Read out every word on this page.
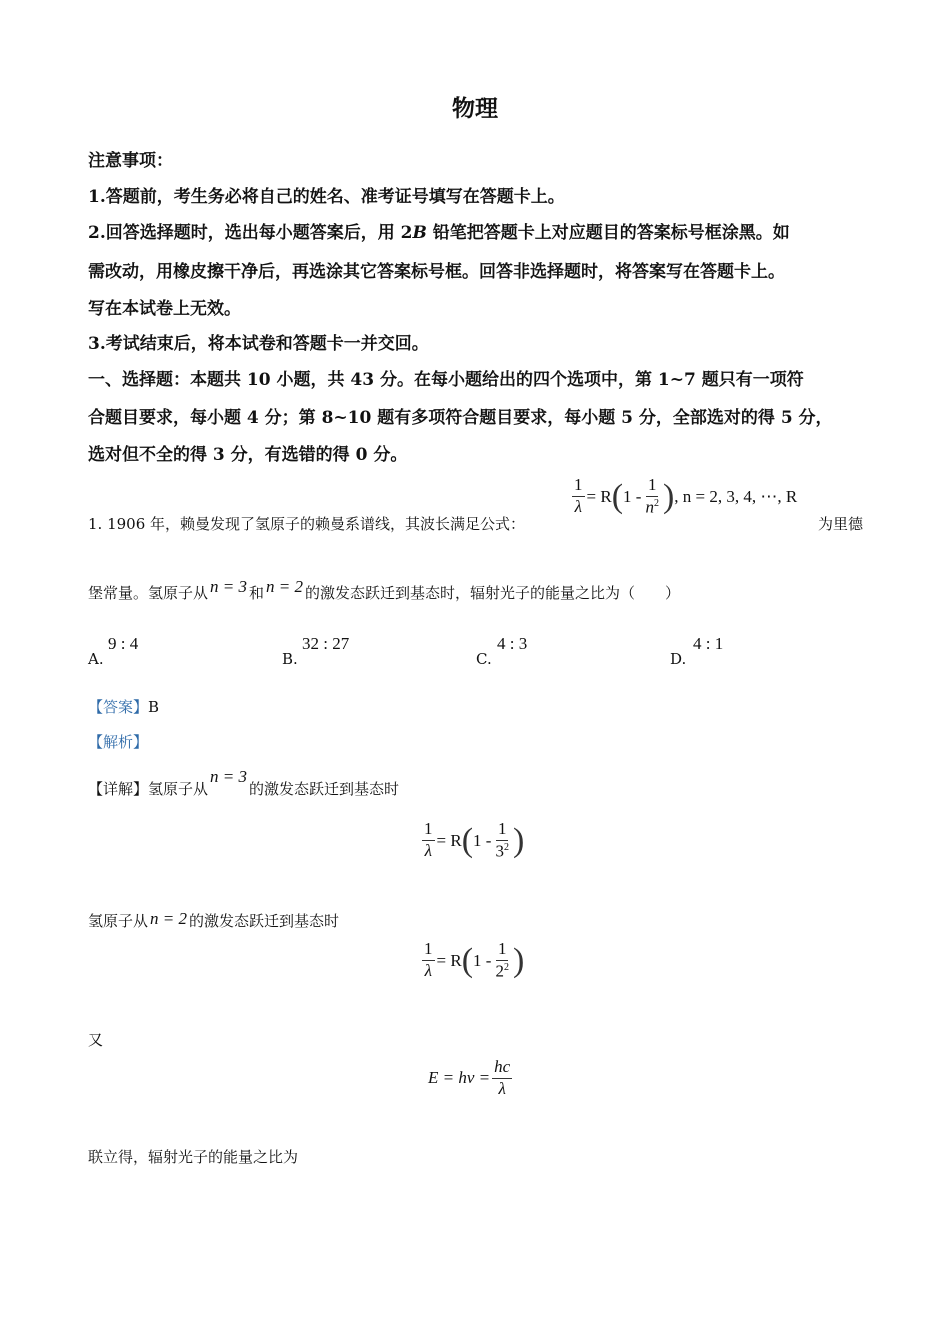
物理
注意事项：
1.答题前，考生务必将自己的姓名、准考证号填写在答题卡上。
2.回答选择题时，选出每小题答案后，用 2B 铅笔把答题卡上对应题目的答案标号框涂黑。如
需改动，用橡皮擦干净后，再选涂其它答案标号框。回答非选择题时，将答案写在答题卡上。
写在本试卷上无效。
3.考试结束后，将本试卷和答题卡一并交回。
一、选择题：本题共 10 小题，共 43 分。在每小题给出的四个选项中，第 1~7 题只有一项符
合题目要求，每小题 4 分；第 8~10 题有多项符合题目要求，每小题 5 分，全部选对的得 5 分，
选对但不全的得 3 分，有选错的得 0 分。
1. 1906 年，赖曼发现了氢原子的赖曼系谱线，其波长满足公式：
$\frac{1}{\lambda} = R$ ( $1 - \frac{1}{n^2}$ ) , n = 2, 3, 4, ⋯, R
为里德
堡常量。氢原子从 n = 3 和 n = 2 的激发态跃迁到基态时，辐射光子的能量之比为（　　）
A.
9 : 4
B.
32 : 27
C.
4 : 3
D.
4 : 1
【答案】B
【解析】
【详解】氢原子从n = 3的激发态跃迁到基态时
$\frac{1}{\lambda} = R$ ( $1 - \frac{1}{3^2}$ )
氢原子从 n = 2 的激发态跃迁到基态时
$\frac{1}{\lambda} = R$ ( $1 - \frac{1}{2^2}$ )
又
$E = h\nu = \frac{hc}{\lambda}$
联立得，辐射光子的能量之比为
